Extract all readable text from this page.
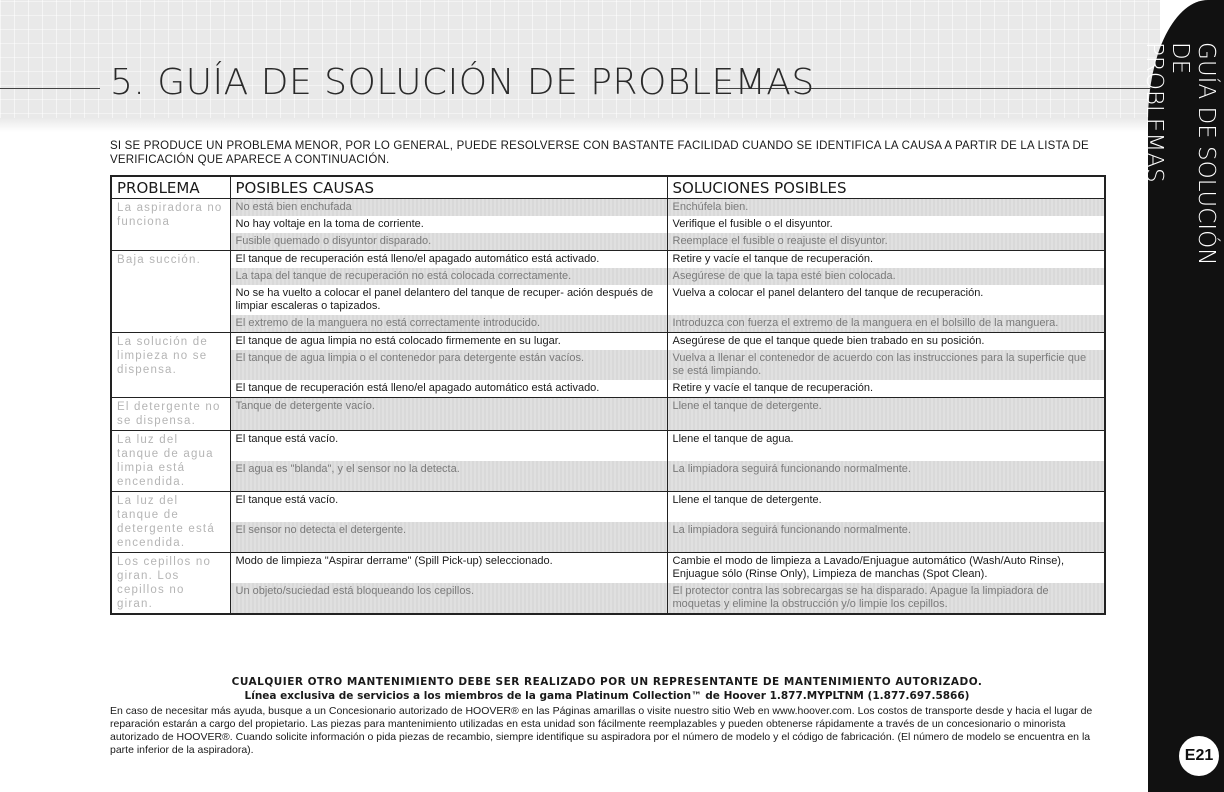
5. GUÍA DE SOLUCIÓN DE PROBLEMAS

SI SE PRODUCE UN PROBLEMA MENOR, POR LO GENERAL, PUEDE RESOLVERSE CON BASTANTE FACILIDAD CUANDO SE IDENTIFICA LA CAUSA A PARTIR DE LA LISTA DE VERIFICACIÓN QUE APARECE A CONTINUACIÓN.

GUÍA DE SOLUCIÓN DE
PROBLEMAS
E21
PROBLEMA	POSIBLES CAUSAS	SOLUCIONES POSIBLES
La aspiradora no funciona	No está bien enchufada	Enchúfela bien.
	No hay voltaje en la toma de corriente.	Verifique el fusible o el disyuntor.
	Fusible quemado o disyuntor disparado.	Reemplace el fusible o reajuste el disyuntor.
Baja succión.	El tanque de recuperación está lleno/el apagado automático está activado.	Retire y vacíe el tanque de recuperación.
	La tapa del tanque de recuperación no está colocada correctamente.	Asegúrese de que la tapa esté bien colocada.
	No se ha vuelto a colocar el panel delantero del tanque de recuper- ación después de limpiar escaleras o tapizados.	Vuelva a colocar el panel delantero del tanque de recuperación.
	El extremo de la manguera no está correctamente introducido.	Introduzca con fuerza el extremo de la manguera en el bolsillo de la manguera.
La solución de limpieza no se dispensa.	El tanque de agua limpia no está colocado firmemente en su lugar.	Asegúrese de que el tanque quede bien trabado en su posición.
	El tanque de agua limpia o el contenedor para detergente están vacíos.	Vuelva a llenar el contenedor de acuerdo con las instrucciones para la superficie que se está limpiando.
	El tanque de recuperación está lleno/el apagado automático está activado.	Retire y vacíe el tanque de recuperación.
El detergente no se dispensa.	Tanque de detergente vacío.	Llene el tanque de detergente.
La luz del tanque de agua limpia está encendida.	El tanque está vacío.	Llene el tanque de agua.
	El agua es "blanda", y el sensor no la detecta.	La limpiadora seguirá funcionando normalmente.
La luz del tanque de detergente está encendida.	El tanque está vacío.	Llene el tanque de detergente.
	El sensor no detecta el detergente.	La limpiadora seguirá funcionando normalmente.
Los cepillos no giran. Los cepillos no giran.	Modo de limpieza "Aspirar derrame" (Spill Pick-up) seleccionado.	Cambie el modo de limpieza a Lavado/Enjuague automático (Wash/Auto Rinse), Enjuague sólo (Rinse Only), Limpieza de manchas (Spot Clean).
	Un objeto/suciedad está bloqueando los cepillos.	El protector contra las sobrecargas se ha disparado. Apague la limpiadora de moquetas y elimine la obstrucción y/o limpie los cepillos.

CUALQUIER OTRO MANTENIMIENTO DEBE SER REALIZADO POR UN REPRESENTANTE DE MANTENIMIENTO AUTORIZADO.

Línea exclusiva de servicios a los miembros de la gama Platinum Collection™ de Hoover 1.877.MYPLTNM (1.877.697.5866)

En caso de necesitar más ayuda, busque a un Concesionario autorizado de HOOVER® en las Páginas amarillas o visite nuestro sitio Web en www.hoover.com. Los costos de transporte desde y hacia el lugar de reparación estarán a cargo del propietario. Las piezas para mantenimiento utilizadas en esta unidad son fácilmente reemplazables y pueden obtenerse rápidamente a través de un concesionario o minorista autorizado de HOOVER®. Cuando solicite información o pida piezas de recambio, siempre identifique su aspiradora por el número de modelo y el código de fabricación. (El número de modelo se encuentra en la parte inferior de la aspiradora).
